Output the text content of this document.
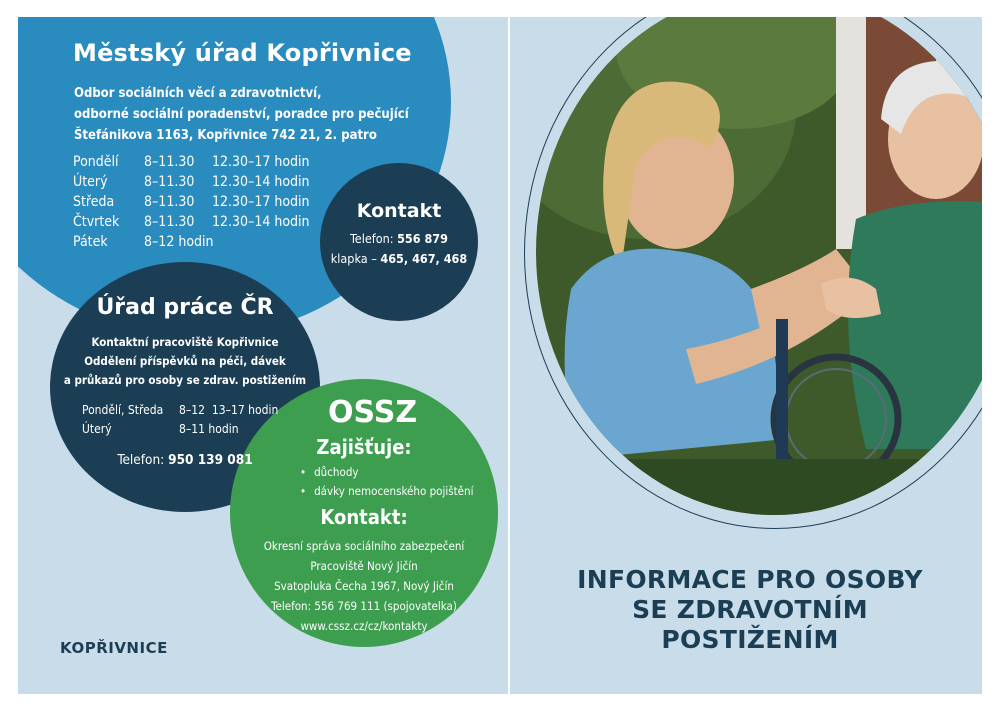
Městský úřad Kopřivnice
Odbor sociálních věcí a zdravotnictví,
odborné sociální poradenství, poradce pro pečující
Štefánikova 1163, Kopřivnice 742 21, 2. patro
Pondělí	8–11.30	12.30–17 hodin
Úterý	8–11.30	12.30–14 hodin
Středa	8–11.30	12.30–17 hodin
Čtvrtek	8–11.30	12.30–14 hodin
Pátek	8–12 hodin	
Kontakt
Telefon: 556 879
klapka – 465, 467, 468
Úřad práce ČR
Kontaktní pracoviště Kopřivnice
Oddělení příspěvků na péči, dávek
a průkazů pro osoby se zdrav. postižením
Pondělí, Středa	8–12  13–17 hodin
Úterý	8–11 hodin
Telefon: 950 139 081
OSSZ
Zajišťuje:
• důchody
• dávky nemocenského pojištění
Kontakt:
Okresní správa sociálního zabezpečení
Pracoviště Nový Jičín
Svatopluka Čecha 1967, Nový Jičín
Telefon: 556 769 111 (spojovatelka)
www.cssz.cz/cz/kontakty
KOPŘIVNICE
INFORMACE PRO OSOBY
SE ZDRAVOTNÍM
POSTIŽENÍM
